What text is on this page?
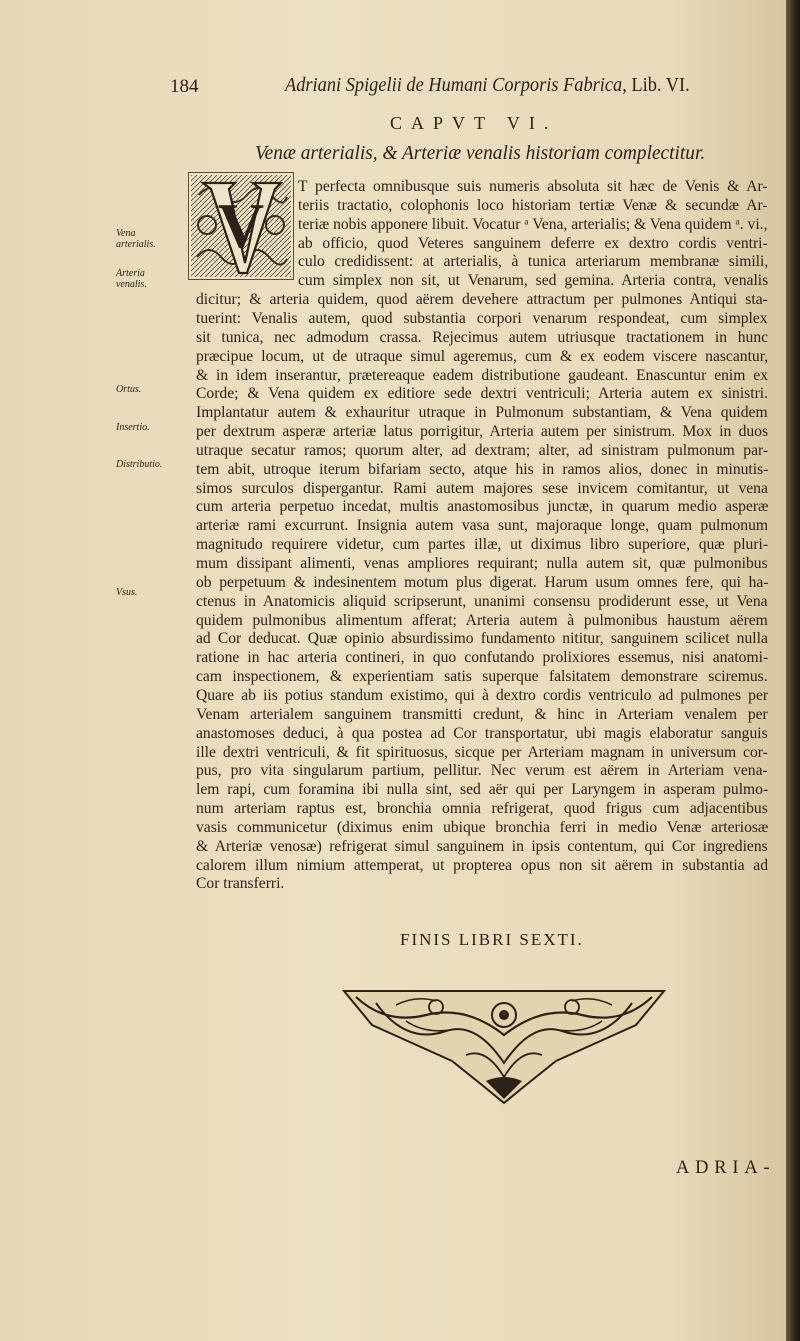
184	Adriani Spigelii de Humani Corporis Fabrica, Lib. VI.
CAPVT VI.
Venæ arterialis, & Arteriæ venalis historiam complectitur.
V
Vena arterialis.
Arteria venalis.
Ortus.
Insertio.
Distributio.
Vsus.
T perfecta omnibusque suis numeris absoluta sit hæc de Venis & Ar-
teriis tractatio, colophonis loco historiam tertiæ Venæ & secundæ Ar-
teriæ nobis apponere libuit. Vocatur ᵃ Vena, arterialis; & Vena quidem ᵃ. vi.,
ab officio, quod Veteres sanguinem deferre ex dextro cordis ventri-
culo credidissent: at arterialis, à tunica arteriarum membranæ simili,
cum simplex non sit, ut Venarum, sed gemina. Arteria contra, venalis
dicitur; & arteria quidem, quod aërem devehere attractum per pulmones Antiqui sta-
tuerint: Venalis autem, quod substantia corpori venarum respondeat, cum simplex
sit tunica, nec admodum crassa. Rejecimus autem utriusque tractationem in hunc
præcipue locum, ut de utraque simul ageremus, cum & ex eodem viscere nascantur,
& in idem inserantur, prætereaque eadem distributione gaudeant. Enascuntur enim ex
Corde; & Vena quidem ex editiore sede dextri ventriculi; Arteria autem ex sinistri.
Implantatur autem & exhauritur utraque in Pulmonum substantiam, & Vena quidem
per dextrum asperæ arteriæ latus porrigitur, Arteria autem per sinistrum. Mox in duos
utraque secatur ramos; quorum alter, ad dextram; alter, ad sinistram pulmonum par-
tem abit, utroque iterum bifariam secto, atque his in ramos alios, donec in minutis-
simos surculos dispergantur. Rami autem majores sese invicem comitantur, ut vena
cum arteria perpetuo incedat, multis anastomosibus junctæ, in quarum medio asperæ
arteriæ rami excurrunt. Insignia autem vasa sunt, majoraque longe, quam pulmonum
magnitudo requirere videtur, cum partes illæ, ut diximus libro superiore, quæ pluri-
mum dissipant alimenti, venas ampliores requirant; nulla autem sit, quæ pulmonibus
ob perpetuum & indesinentem motum plus digerat. Harum usum omnes fere, qui ha-
ctenus in Anatomicis aliquid scripserunt, unanimi consensu prodiderunt esse, ut Vena
quidem pulmonibus alimentum afferat; Arteria autem à pulmonibus haustum aërem
ad Cor deducat. Quæ opinio absurdissimo fundamento nititur, sanguinem scilicet nulla
ratione in hac arteria contineri, in quo confutando prolixiores essemus, nisi anatomi-
cam inspectionem, & experientiam satis superque falsitatem demonstrare sciremus.
Quare ab iis potius standum existimo, qui à dextro cordis ventriculo ad pulmones per
Venam arterialem sanguinem transmitti credunt, & hinc in Arteriam venalem per
anastomoses deduci, à qua postea ad Cor transportatur, ubi magis elaboratur sanguis
ille dextri ventriculi, & fit spirituosus, sicque per Arteriam magnam in universum cor-
pus, pro vita singularum partium, pellitur. Nec verum est aërem in Arteriam vena-
lem rapi, cum foramina ibi nulla sint, sed aër qui per Laryngem in asperam pulmo-
num arteriam raptus est, bronchia omnia refrigerat, quod frigus cum adjacentibus
vasis communicetur (diximus enim ubique bronchia ferri in medio Venæ arteriosæ
& Arteriæ venosæ) refrigerat simul sanguinem in ipsis contentum, qui Cor ingrediens
calorem illum nimium attemperat, ut propterea opus non sit aërem in substantia ad
Cor transferri.
FINIS LIBRI SEXTI.
ADRIA-
